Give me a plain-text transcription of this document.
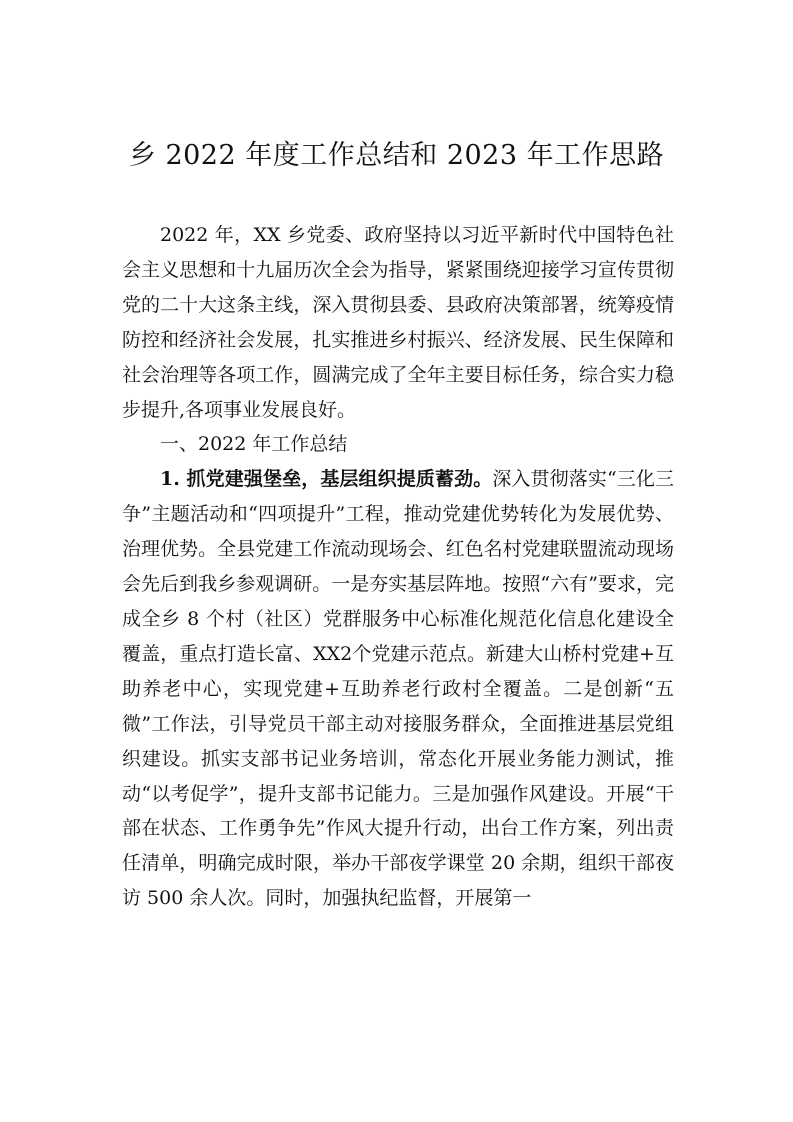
乡 2022 年度工作总结和 2023 年工作思路

2022 年，XX 乡党委、政府坚持以习近平新时代中国特色社会主义思想和十九届历次全会为指导，紧紧围绕迎接学习宣传贯彻党的二十大这条主线，深入贯彻县委、县政府决策部署，统筹疫情防控和经济社会发展，扎实推进乡村振兴、经济发展、民生保障和社会治理等各项工作，圆满完成了全年主要目标任务，综合实力稳步提升,各项事业发展良好。

一、2022 年工作总结

1. 抓党建强堡垒，基层组织提质蓄劲。深入贯彻落实“三化三争”主题活动和“四项提升”工程，推动党建优势转化为发展优势、治理优势。全县党建工作流动现场会、红色名村党建联盟流动现场会先后到我乡参观调研。一是夯实基层阵地。按照“六有”要求，完成全乡 8 个村（社区）党群服务中心标准化规范化信息化建设全覆盖，重点打造长富、XX2个党建示范点。新建大山桥村党建+互助养老中心，实现党建+互助养老行政村全覆盖。二是创新“五微”工作法，引导党员干部主动对接服务群众，全面推进基层党组织建设。抓实支部书记业务培训，常态化开展业务能力测试，推动“以考促学”，提升支部书记能力。三是加强作风建设。开展“干部在状态、工作勇争先”作风大提升行动，出台工作方案，列出责任清单，明确完成时限，举办干部夜学课堂 20 余期，组织干部夜访 500 余人次。同时，加强执纪监督，开展第一
